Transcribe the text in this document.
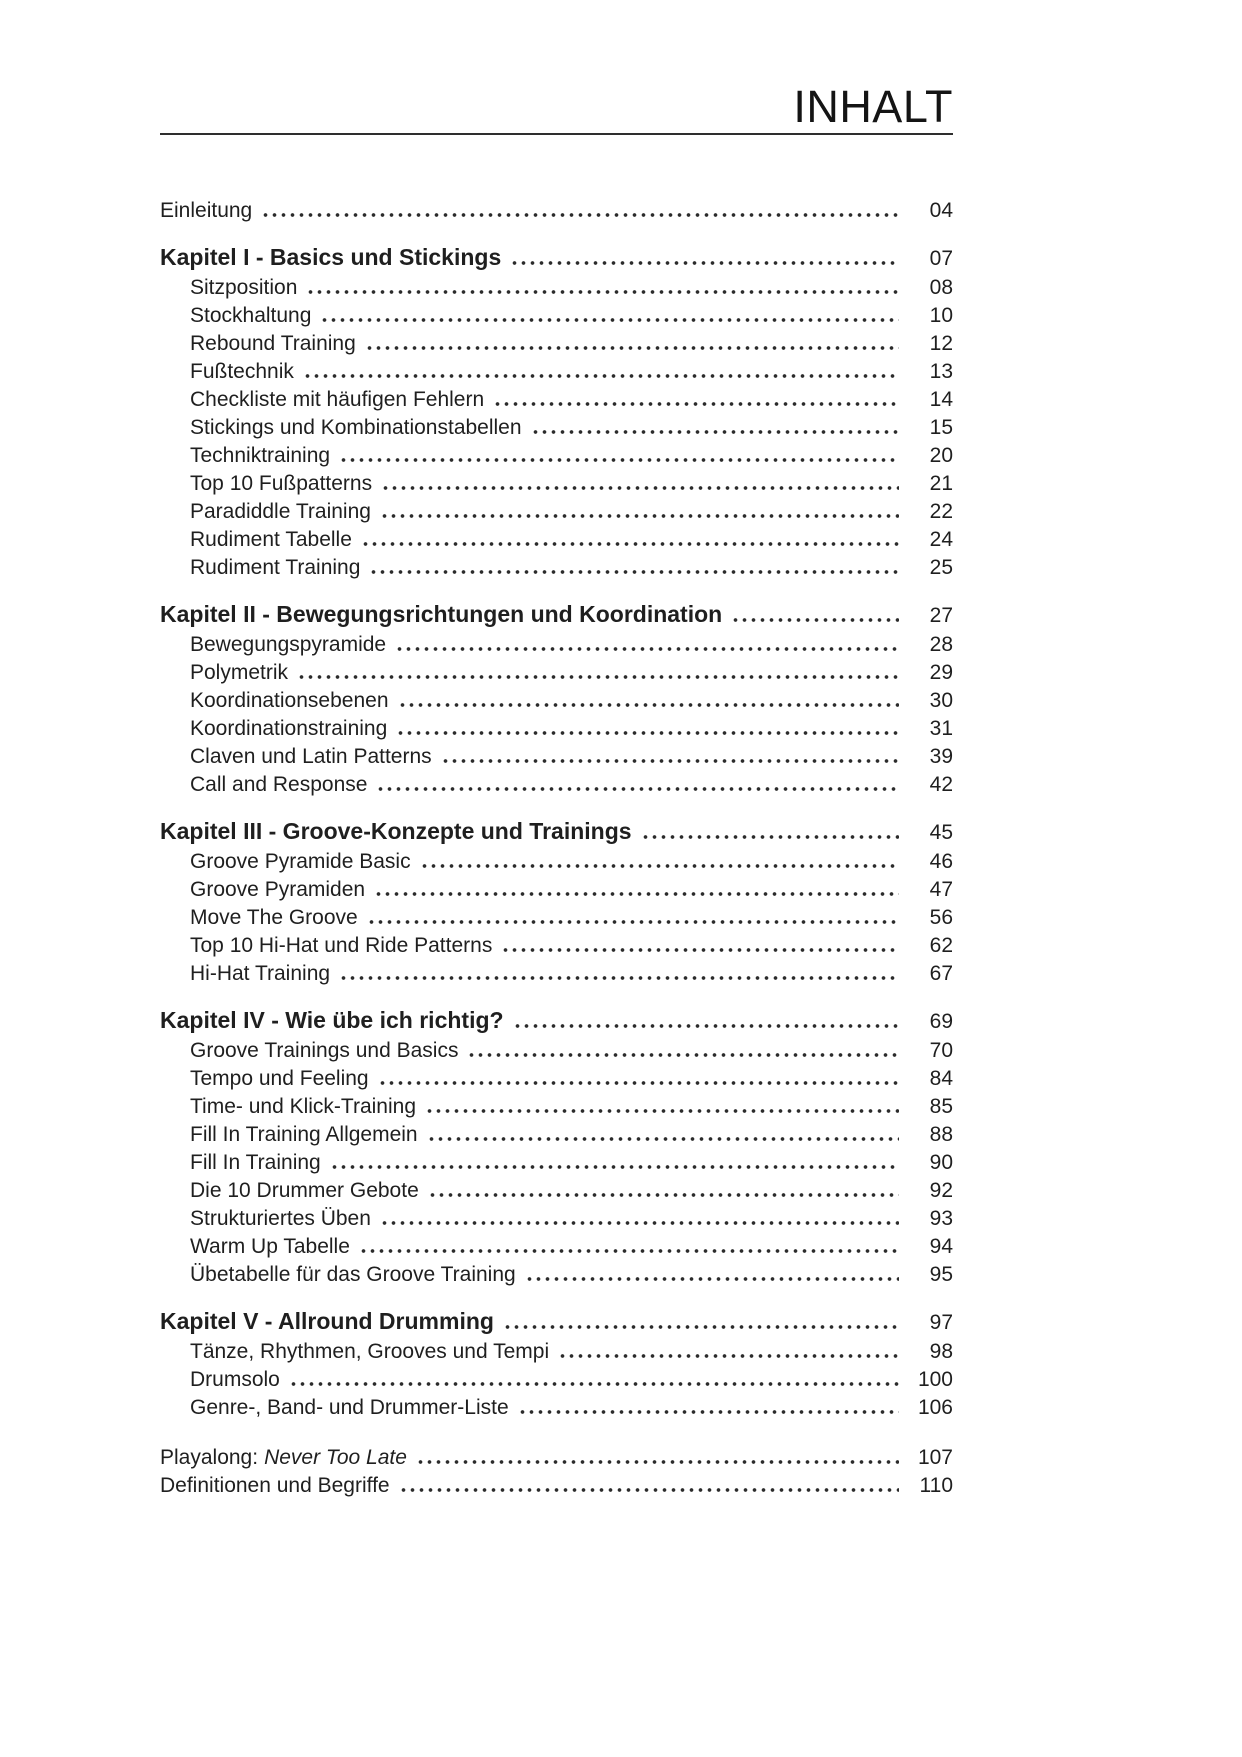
INHALT
Einleitung	04
Kapitel I - Basics und Stickings	07
Sitzposition	08
Stockhaltung	10
Rebound Training	12
Fußtechnik	13
Checkliste mit häufigen Fehlern	14
Stickings und Kombinationstabellen	15
Techniktraining	20
Top 10 Fußpatterns	21
Paradiddle Training	22
Rudiment Tabelle	24
Rudiment Training	25
Kapitel II - Bewegungsrichtungen und Koordination	27
Bewegungspyramide	28
Polymetrik	29
Koordinationsebenen	30
Koordinationstraining	31
Claven und Latin Patterns	39
Call and Response	42
Kapitel III - Groove-Konzepte und Trainings	45
Groove Pyramide Basic	46
Groove Pyramiden	47
Move The Groove	56
Top 10 Hi-Hat und Ride Patterns	62
Hi-Hat Training	67
Kapitel IV - Wie übe ich richtig?	69
Groove Trainings und Basics	70
Tempo und Feeling	84
Time- und Klick-Training	85
Fill In Training Allgemein	88
Fill In Training	90
Die 10 Drummer Gebote	92
Strukturiertes Üben	93
Warm Up Tabelle	94
Übetabelle für das Groove Training	95
Kapitel V - Allround Drumming	97
Tänze, Rhythmen, Grooves und Tempi	98
Drumsolo	100
Genre-, Band- und Drummer-Liste	106
Playalong: Never Too Late	107
Definitionen und Begriffe	110
